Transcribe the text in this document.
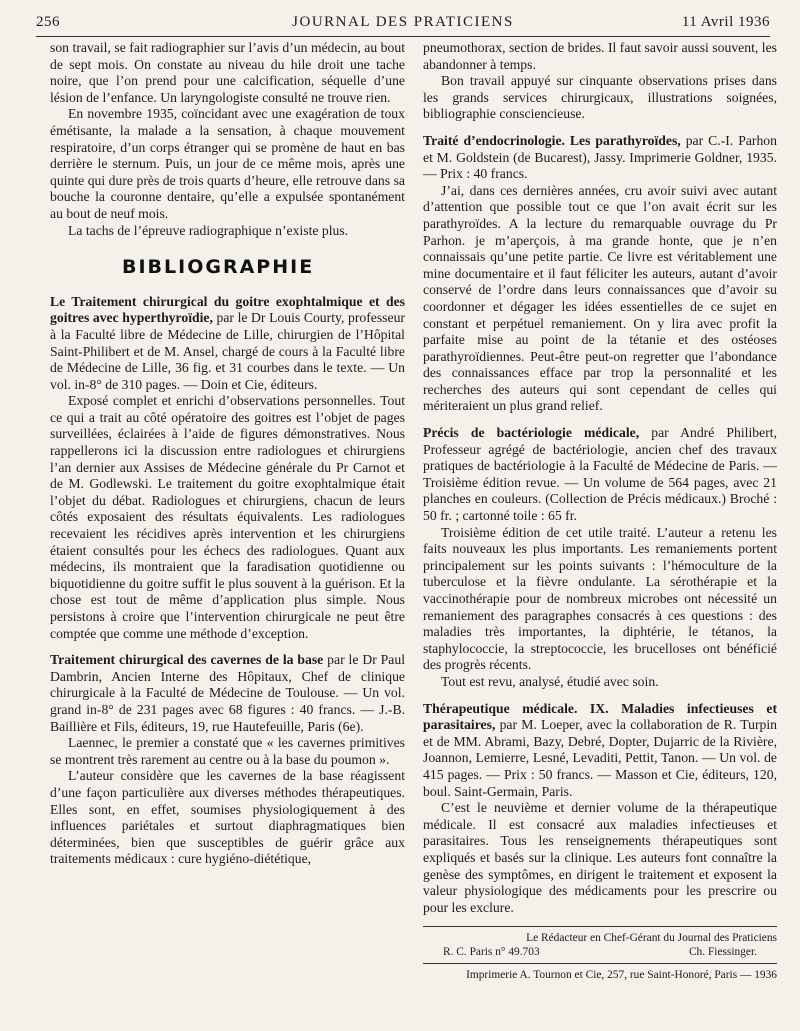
256	JOURNAL DES PRATICIENS	11 Avril 1936

son travail, se fait radiographier sur l’avis d’un médecin, au bout de sept mois. On constate au niveau du hile droit une tache noire, que l’on prend pour une calcification, séquelle d’une lésion de l’enfance. Un laryngologiste consulté ne trouve rien.

En novembre 1935, coïncidant avec une exagération de toux émétisante, la malade a la sensation, à chaque mouvement respiratoire, d’un corps étranger qui se promène de haut en bas derrière le sternum. Puis, un jour de ce même mois, après une quinte qui dure près de trois quarts d’heure, elle retrouve dans sa bouche la couronne dentaire, qu’elle a expulsée spontanément au bout de neuf mois.

La tachs de l’épreuve radiographique n’existe plus.

BIBLIOGRAPHIE

Le Traitement chirurgical du goitre exophtalmique et des goitres avec hyperthyroïdie, par le Dr Louis Courty, professeur à la Faculté libre de Médecine de Lille, chirurgien de l’Hôpital Saint-Philibert et de M. Ansel, chargé de cours à la Faculté libre de Médecine de Lille, 36 fig. et 31 courbes dans le texte. — Un vol. in-8° de 310 pages. — Doin et Cie, éditeurs.

Exposé complet et enrichi d’observations personnelles. Tout ce qui a trait au côté opératoire des goitres est l’objet de pages surveillées, éclairées à l’aide de figures démonstratives. Nous rappellerons ici la discussion entre radiologues et chirurgiens l’an dernier aux Assises de Médecine générale du Pr Carnot et de M. Godlewski. Le traitement du goitre exophtalmique était l’objet du débat. Radiologues et chirurgiens, chacun de leurs côtés exposaient des résultats équivalents. Les radiologues recevaient les récidives après intervention et les chirurgiens étaient consultés pour les échecs des radiologues. Quant aux médecins, ils montraient que la faradisation quotidienne ou biquotidienne du goitre suffit le plus souvent à la guérison. Et la chose est tout de même d’application plus simple. Nous persistons à croire que l’intervention chirurgicale ne peut être comptée que comme une méthode d’exception.

Traitement chirurgical des cavernes de la base par le Dr Paul Dambrin, Ancien Interne des Hôpitaux, Chef de clinique chirurgicale à la Faculté de Médecine de Toulouse. — Un vol. grand in-8° de 231 pages avec 68 figures : 40 francs. — J.-B. Baillière et Fils, éditeurs, 19, rue Hautefeuille, Paris (6e).

Laennec, le premier a constaté que « les cavernes primitives se montrent très rarement au centre ou à la base du poumon ».

L’auteur considère que les cavernes de la base réagissent d’une façon particulière aux diverses méthodes thérapeutiques. Elles sont, en effet, soumises physiologiquement à des influences pariétales et surtout diaphragmatiques bien déterminées, bien que susceptibles de guérir grâce aux traitements médicaux : cure hygiéno-diététique,

pneumothorax, section de brides. Il faut savoir aussi souvent, les abandonner à temps.

Bon travail appuyé sur cinquante observations prises dans les grands services chirurgicaux, illustrations soignées, bibliographie consciencieuse.

Traité d’endocrinologie. Les parathyroïdes, par C.-I. Parhon et M. Goldstein (de Bucarest), Jassy. Imprimerie Goldner, 1935. — Prix : 40 francs.

J’ai, dans ces dernières années, cru avoir suivi avec autant d’attention que possible tout ce que l’on avait écrit sur les parathyroïdes. A la lecture du remarquable ouvrage du Pr Parhon. je m’aperçois, à ma grande honte, que je n’en connaissais qu’une petite partie. Ce livre est véritablement une mine documentaire et il faut féliciter les auteurs, autant d’avoir conservé de l’ordre dans leurs connaissances que d’avoir su coordonner et dégager les idées essentielles de ce sujet en constant et perpétuel remaniement. On y lira avec profit la parfaite mise au point de la tétanie et des ostéoses parathyroïdiennes. Peut-être peut-on regretter que l’abondance des connaissances efface par trop la personnalité et les recherches des auteurs qui sont cependant de celles qui mériteraient un plus grand relief.

Précis de bactériologie médicale, par André Philibert, Professeur agrégé de bactériologie, ancien chef des travaux pratiques de bactériologie à la Faculté de Médecine de Paris. — Troisième édition revue. — Un volume de 564 pages, avec 21 planches en couleurs. (Collection de Précis médicaux.) Broché : 50 fr. ; cartonné toile : 65 fr.

Troisième édition de cet utile traité. L’auteur a retenu les faits nouveaux les plus importants. Les remaniements portent principalement sur les points suivants : l’hémoculture de la tuberculose et la fièvre ondulante. La sérothérapie et la vaccinothérapie pour de nombreux microbes ont nécessité un remaniement des paragraphes consacrés à ces questions : des maladies très importantes, la diphtérie, le tétanos, la staphylococcie, la streptococcie, les brucelloses ont bénéficié des progrès récents.

Tout est revu, analysé, étudié avec soin.

Thérapeutique médicale. IX. Maladies infectieuses et parasitaires, par M. Loeper, avec la collaboration de R. Turpin et de MM. Abrami, Bazy, Debré, Dopter, Dujarric de la Rivière, Joannon, Lemierre, Lesné, Levaditi, Pettit, Tanon. — Un vol. de 415 pages. — Prix : 50 francs. — Masson et Cie, éditeurs, 120, boul. Saint-Germain, Paris.

C’est le neuvième et dernier volume de la thérapeutique médicale. Il est consacré aux maladies infectieuses et parasitaires. Tous les renseignements thérapeutiques sont expliqués et basés sur la clinique. Les auteurs font connaître la genèse des symptômes, en dirigent le traitement et exposent la valeur physiologique des médicaments pour les prescrire ou pour les exclure.

Le Rédacteur en Chef-Gérant du Journal des Praticiens
R. C. Paris n° 49.703	Ch. Fiessinger.
Imprimerie A. Tournon et Cie, 257, rue Saint-Honoré, Paris — 1936
